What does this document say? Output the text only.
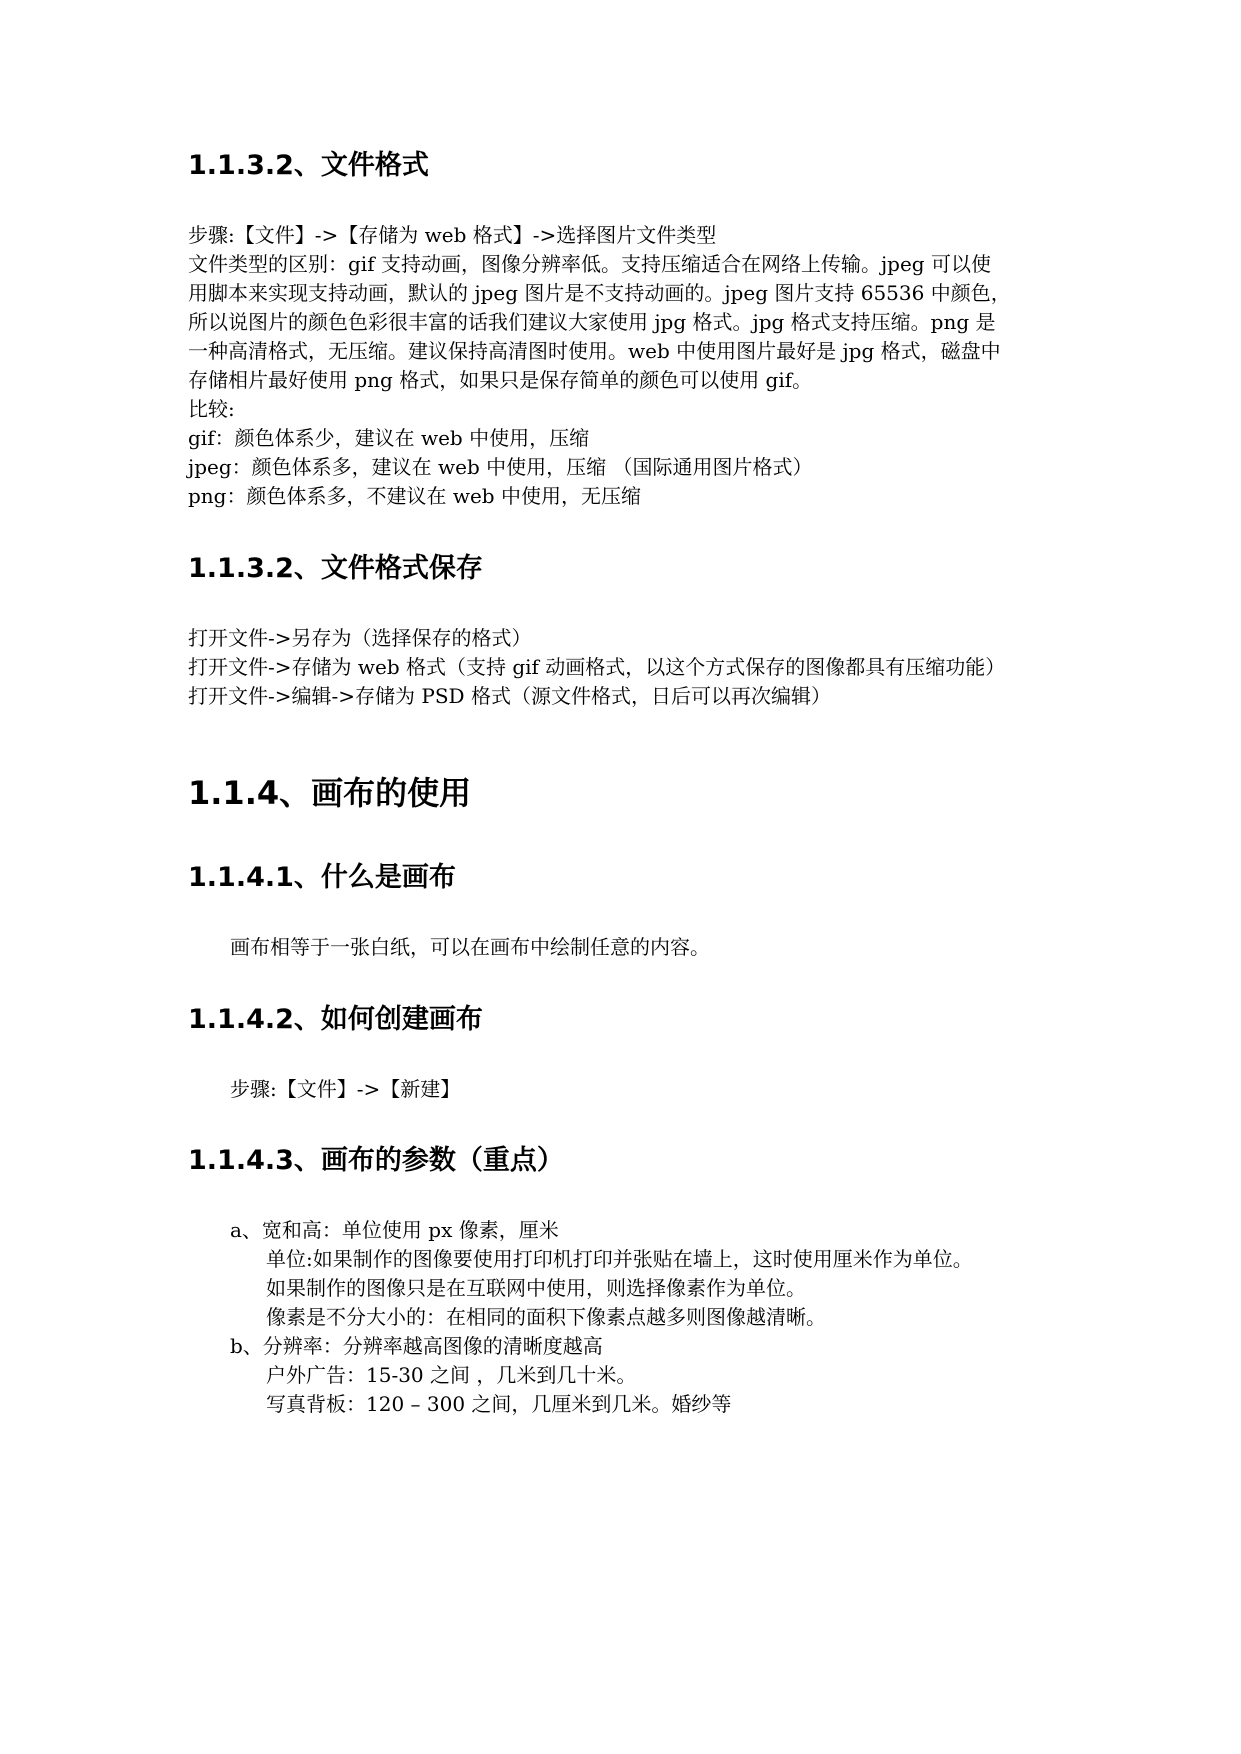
1.1.3.2、文件格式
步骤:【文件】->【存储为 web 格式】->选择图片文件类型
文件类型的区别：gif 支持动画，图像分辨率低。支持压缩适合在网络上传输。jpeg 可以使
用脚本来实现支持动画，默认的 jpeg 图片是不支持动画的。jpeg 图片支持 65536 中颜色，
所以说图片的颜色色彩很丰富的话我们建议大家使用 jpg 格式。jpg 格式支持压缩。png 是
一种高清格式，无压缩。建议保持高清图时使用。web 中使用图片最好是 jpg 格式，磁盘中
存储相片最好使用 png 格式，如果只是保存简单的颜色可以使用 gif。
比较:
gif：颜色体系少，建议在 web 中使用，压缩
jpeg：颜色体系多，建议在 web 中使用，压缩 （国际通用图片格式）
png：颜色体系多，不建议在 web 中使用，无压缩
1.1.3.2、文件格式保存
打开文件->另存为（选择保存的格式）
打开文件->存储为 web 格式（支持 gif 动画格式，以这个方式保存的图像都具有压缩功能）
打开文件->编辑->存储为 PSD 格式（源文件格式，日后可以再次编辑）
1.1.4、画布的使用
1.1.4.1、什么是画布
画布相等于一张白纸，可以在画布中绘制任意的内容。
1.1.4.2、如何创建画布
步骤:【文件】->【新建】
1.1.4.3、画布的参数（重点）
a、宽和高：单位使用 px 像素，厘米
单位:如果制作的图像要使用打印机打印并张贴在墙上，这时使用厘米作为单位。
如果制作的图像只是在互联网中使用，则选择像素作为单位。
像素是不分大小的：在相同的面积下像素点越多则图像越清晰。
b、分辨率：分辨率越高图像的清晰度越高
户外广告：15-30 之间 ，几米到几十米。
写真背板：120 – 300 之间，几厘米到几米。婚纱等
